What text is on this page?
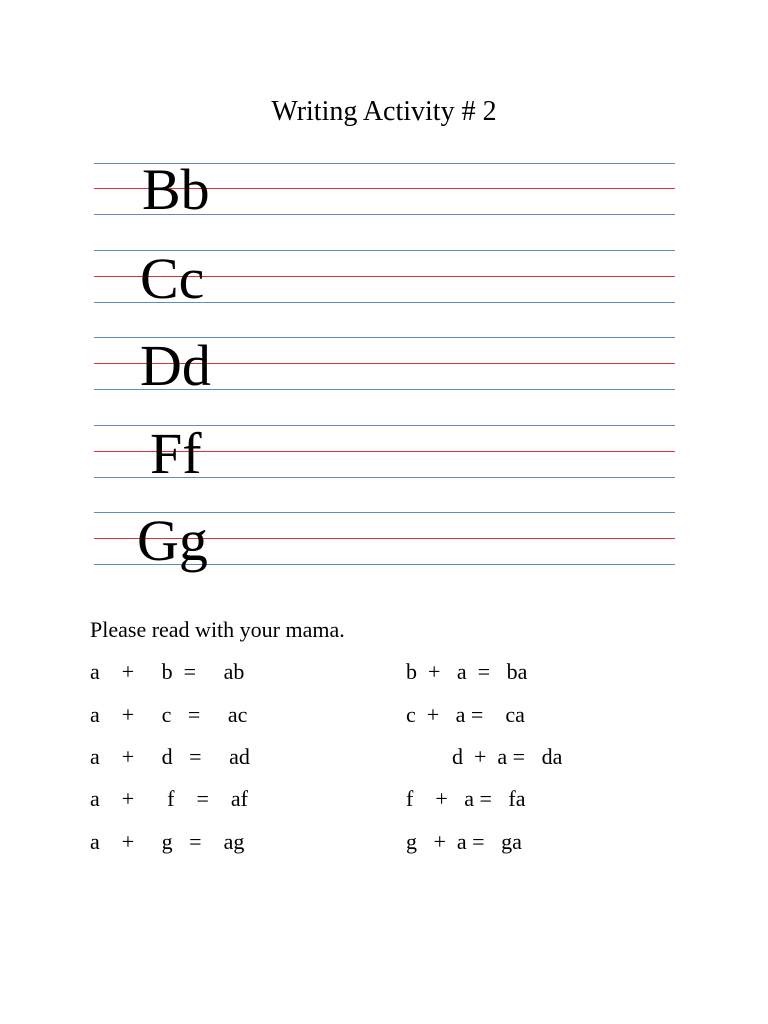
Writing Activity # 2
Bb
Cc
Dd
Ff
Gg
Please read with your mama.
a    +     b  =     ab
a    +     c   =     ac
a    +     d   =     ad
a    +      f    =    af
a    +     g   =    ag
b  +   a  =   ba
c  +   a =    ca
d  +  a =   da
f    +   a =   fa
g   +  a =   ga
